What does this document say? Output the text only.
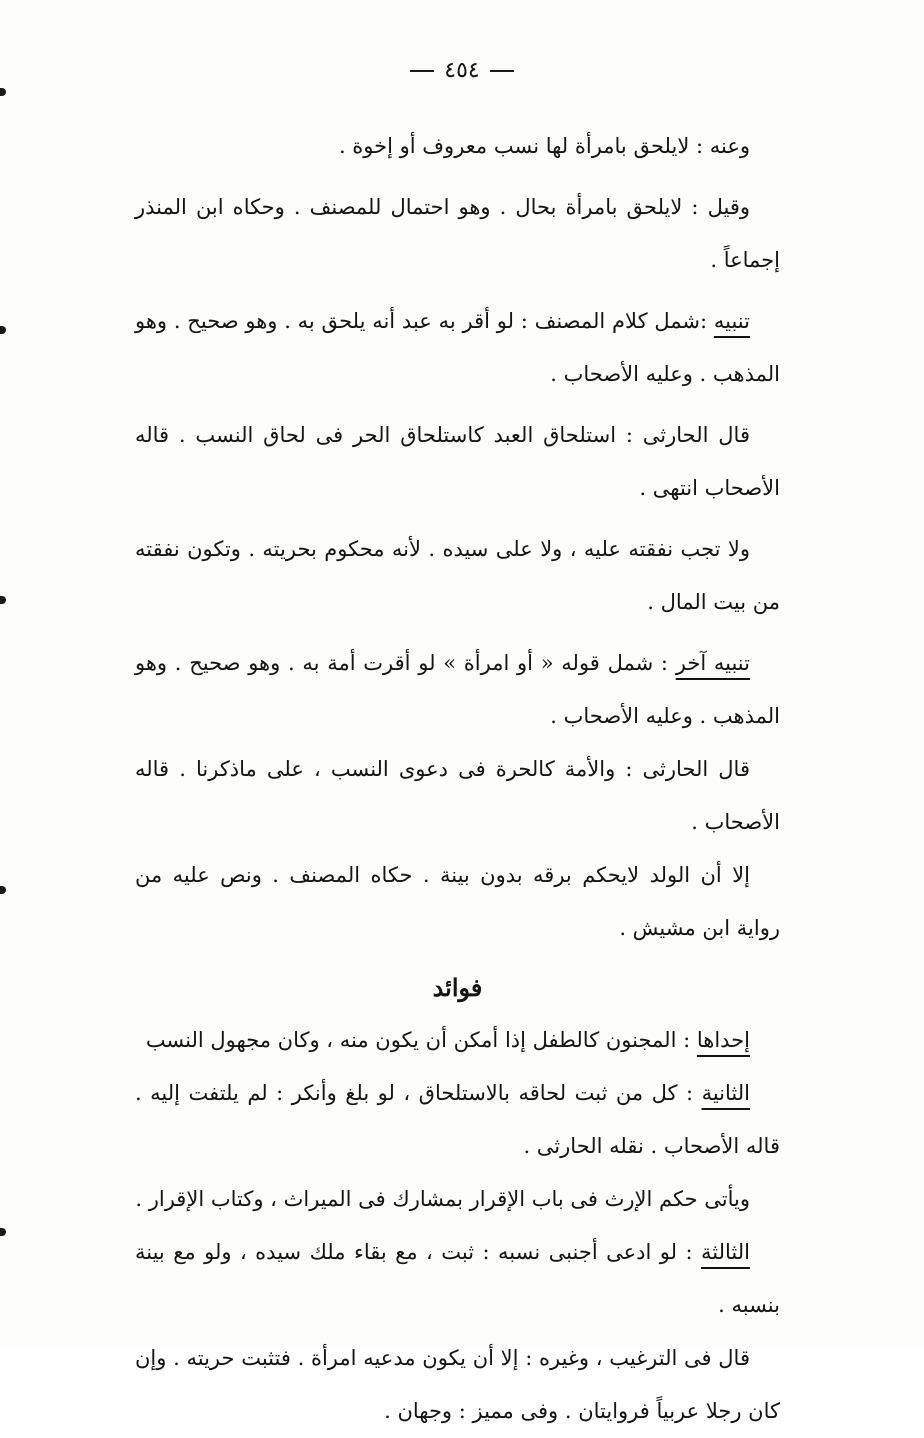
٤٥٤

وعنه : لايلحق بامرأة لها نسب معروف أو إخوة .

وقيل : لايلحق بامرأة بحال . وهو احتمال للمصنف . وحكاه ابن المنذر إجماعاً .

تنبيه :شمل كلام المصنف : لو أقر به عبد أنه يلحق به . وهو صحيح . وهو المذهب . وعليه الأصحاب .

قال الحارثى : استلحاق العبد كاستلحاق الحر فى لحاق النسب . قاله الأصحاب انتهى .

ولا تجب نفقته عليه ، ولا على سيده . لأنه محكوم بحريته . وتكون نفقته من بيت المال .

تنبيه آخر : شمل قوله « أو امرأة » لو أقرت أمة به . وهو صحيح . وهو المذهب . وعليه الأصحاب .

قال الحارثى : والأمة كالحرة فى دعوى النسب ، على ماذكرنا . قاله الأصحاب .

إلا أن الولد لايحكم برقه بدون بينة . حكاه المصنف . ونص عليه من رواية ابن مشيش .

فوائد

إحداها : المجنون كالطفل إذا أمكن أن يكون منه ، وكان مجهول النسب

الثانية : كل من ثبت لحاقه بالاستلحاق ، لو بلغ وأنكر : لم يلتفت إليه . قاله الأصحاب . نقله الحارثى .

ويأتى حكم الإرث فى باب الإقرار بمشارك فى الميراث ، وكتاب الإقرار .

الثالثة : لو ادعى أجنبى نسبه : ثبت ، مع بقاء ملك سيده ، ولو مع بينة بنسبه .

قال فى الترغيب ، وغيره : إلا أن يكون مدعيه امرأة . فتثبت حريته . وإن كان رجلا عربياً فروايتان . وفى مميز : وجهان .
